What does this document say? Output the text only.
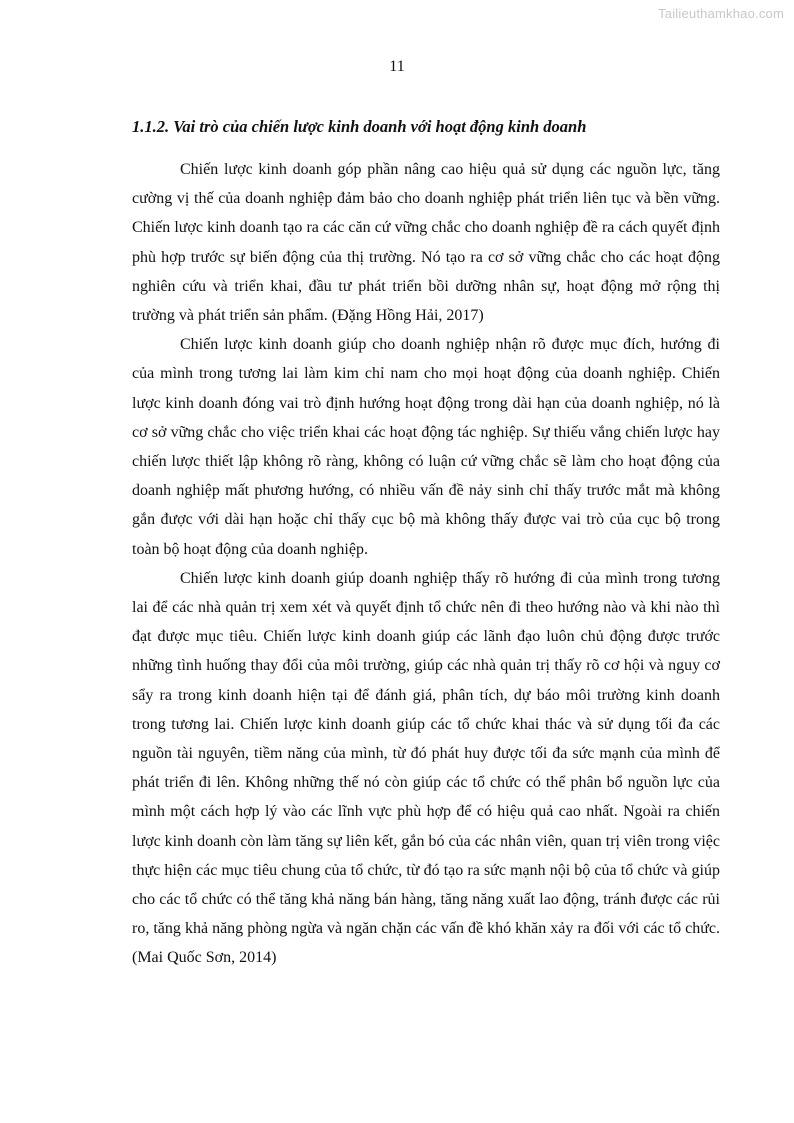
Tailieuthamkhao.com
11
1.1.2. Vai trò của chiến lược kinh doanh với hoạt động kinh doanh

Chiến lược kinh doanh góp phần nâng cao hiệu quả sử dụng các nguồn lực, tăng cường vị thế của doanh nghiệp đảm bảo cho doanh nghiệp phát triển liên tục và bền vững. Chiến lược kinh doanh tạo ra các căn cứ vững chắc cho doanh nghiệp đề ra cách quyết định phù hợp trước sự biến động của thị trường. Nó tạo ra cơ sở vững chắc cho các hoạt động nghiên cứu và triển khai, đầu tư phát triển bồi dưỡng nhân sự, hoạt động mở rộng thị trường và phát triển sản phẩm. (Đặng Hồng Hải, 2017)

Chiến lược kinh doanh giúp cho doanh nghiệp nhận rõ được mục đích, hướng đi của mình trong tương lai làm kim chỉ nam cho mọi hoạt động của doanh nghiệp. Chiến lược kinh doanh đóng vai trò định hướng hoạt động trong dài hạn của doanh nghiệp, nó là cơ sở vững chắc cho việc triển khai các hoạt động tác nghiệp. Sự thiếu vắng chiến lược hay chiến lược thiết lập không rõ ràng, không có luận cứ vững chắc sẽ làm cho hoạt động của doanh nghiệp mất phương hướng, có nhiều vấn đề nảy sinh chỉ thấy trước mắt mà không gắn được với dài hạn hoặc chỉ thấy cục bộ mà không thấy được vai trò của cục bộ trong toàn bộ hoạt động của doanh nghiệp.

Chiến lược kinh doanh giúp doanh nghiệp thấy rõ hướng đi của mình trong tương lai để các nhà quản trị xem xét và quyết định tổ chức nên đi theo hướng nào và khi nào thì đạt được mục tiêu. Chiến lược kinh doanh giúp các lãnh đạo luôn chủ động được trước những tình huống thay đổi của môi trường, giúp các nhà quản trị thấy rõ cơ hội và nguy cơ sẩy ra trong kinh doanh hiện tại để đánh giá, phân tích, dự báo môi trường kinh doanh trong tương lai. Chiến lược kinh doanh giúp các tổ chức khai thác và sử dụng tối đa các nguồn tài nguyên, tiềm năng của mình, từ đó phát huy được tối đa sức mạnh của mình để phát triển đi lên. Không những thế nó còn giúp các tổ chức có thể phân bổ nguồn lực của mình một cách hợp lý vào các lĩnh vực phù hợp để có hiệu quả cao nhất. Ngoài ra chiến lược kinh doanh còn làm tăng sự liên kết, gắn bó của các nhân viên, quan trị viên trong việc thực hiện các mục tiêu chung của tổ chức, từ đó tạo ra sức mạnh nội bộ của tổ chức và giúp cho các tổ chức có thể tăng khả năng bán hàng, tăng năng xuất lao động, tránh được các rủi ro, tăng khả năng phòng ngừa và ngăn chặn các vấn đề khó khăn xảy ra đối với các tổ chức. (Mai Quốc Sơn, 2014)
